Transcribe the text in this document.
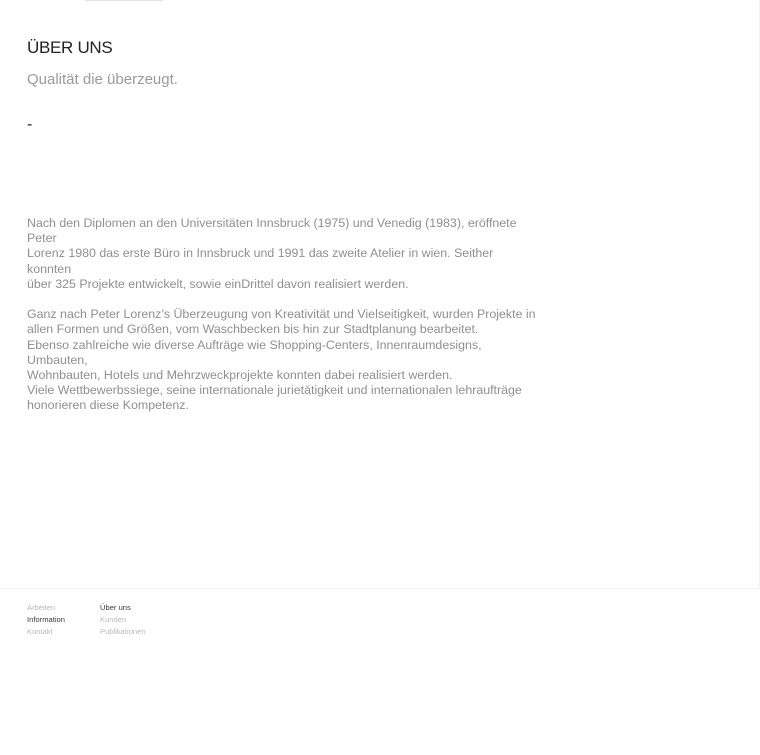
ÜBER UNS

Qualität die überzeugt.

-

Nach den Diplomen an den Universitäten Innsbruck (1975) und Venedig (1983), eröffnete Peter
Lorenz 1980 das erste Büro in Innsbruck und 1991 das zweite Atelier in wien. Seither konnten
über 325 Projekte entwickelt, sowie einDrittel davon realisiert werden.

Ganz nach Peter Lorenz’s Überzeugung von Kreativität und Vielseitigkeit, wurden Projekte in
allen Formen und Größen, vom Waschbecken bis hin zur Stadtplanung bearbeitet.
Ebenso zahlreiche wie diverse Aufträge wie Shopping-Centers, Innenraumdesigns, Umbauten,
Wohnbauten, Hotels und Mehrzweckprojekte konnten dabei realisiert werden.
Viele Wettbewerbssiege, seine internationale jurietätigkeit und internationalen lehraufträge
honorieren diese Kompetenz.

Arbeiten
Information
Kontakt
Über uns
Kunden
Publikationen
